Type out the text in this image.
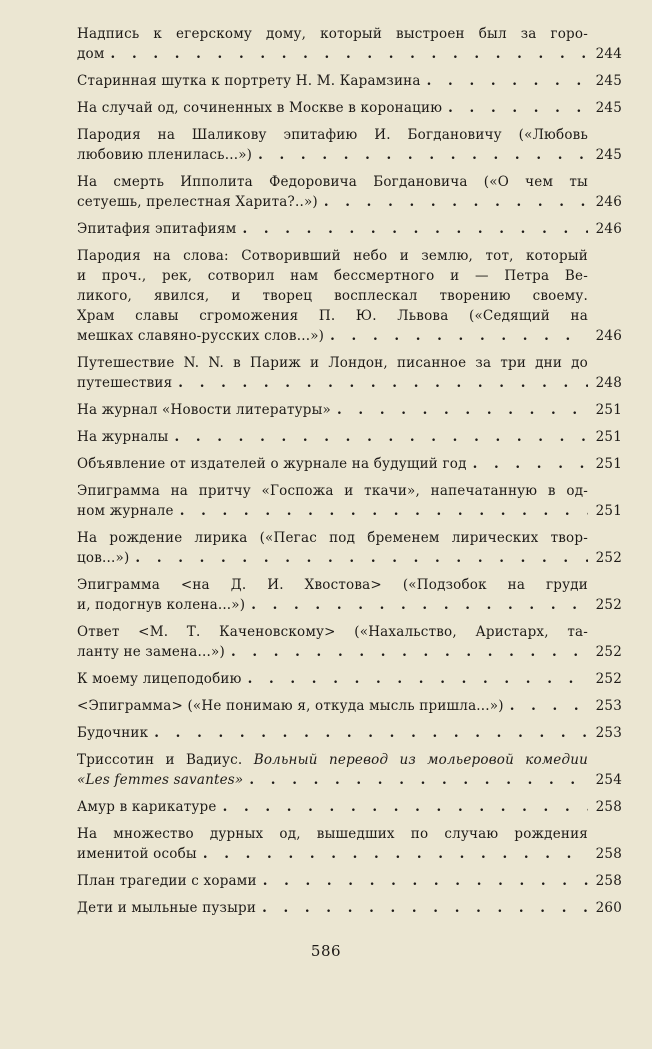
Надпись к егерскому дому, который выстроен был за горо-
дом . . .	244
Старинная шутка к портрету Н. М. Карамзина . . .	245
На случай од, сочиненных в Москве в коронацию . . .	245
Пародия на Шаликову эпитафию И. Богдановичу («Любовь
любовию пленилась...») . . .	245
На смерть Ипполита Федоровича Богдановича («О чем ты
сетуешь, прелестная Харита?..») . . .	246
Эпитафия эпитафиям . . .	246
Пародия на слова: Сотворивший небо и землю, тот, который
и проч., рек, сотворил нам бессмертного и — Петра Ве-
ликого, явился, и творец восплескал творению своему.
Храм славы сгроможения П. Ю. Львова («Седящий на
мешках славяно-русских слов...») . . .	246
Путешествие N. N. в Париж и Лондон, писанное за три дни до
путешествия . . .	248
На журнал «Новости литературы» . . .	251
На журналы . . .	251
Объявление от издателей о журнале на будущий год . . .	251
Эпиграмма на притчу «Госпожа и ткачи», напечатанную в од-
ном журнале . . .	251
На рождение лирика («Пегас под бременем лирических твор-
цов...») . . .	252
Эпиграмма <на Д. И. Хвостова> («Подзобок на груди
и, подогнув колена...») . . .	252
Ответ <М. Т. Каченовскому> («Нахальство, Аристарх, та-
ланту не замена...») . . .	252
К моему лицеподобию . . .	252
<Эпиграмма> («Не понимаю я, откуда мысль пришла...») . . .	253
Будочник . . .	253
Триссотин и Вадиус. Вольный перевод из мольеровой комедии
«Les femmes savantes» . . .	254
Амур в карикатуре . . .	258
На множество дурных од, вышедших по случаю рождения
именитой особы . . .	258
План трагедии с хорами . . .	258
Дети и мыльные пузыри . . .	260
586
